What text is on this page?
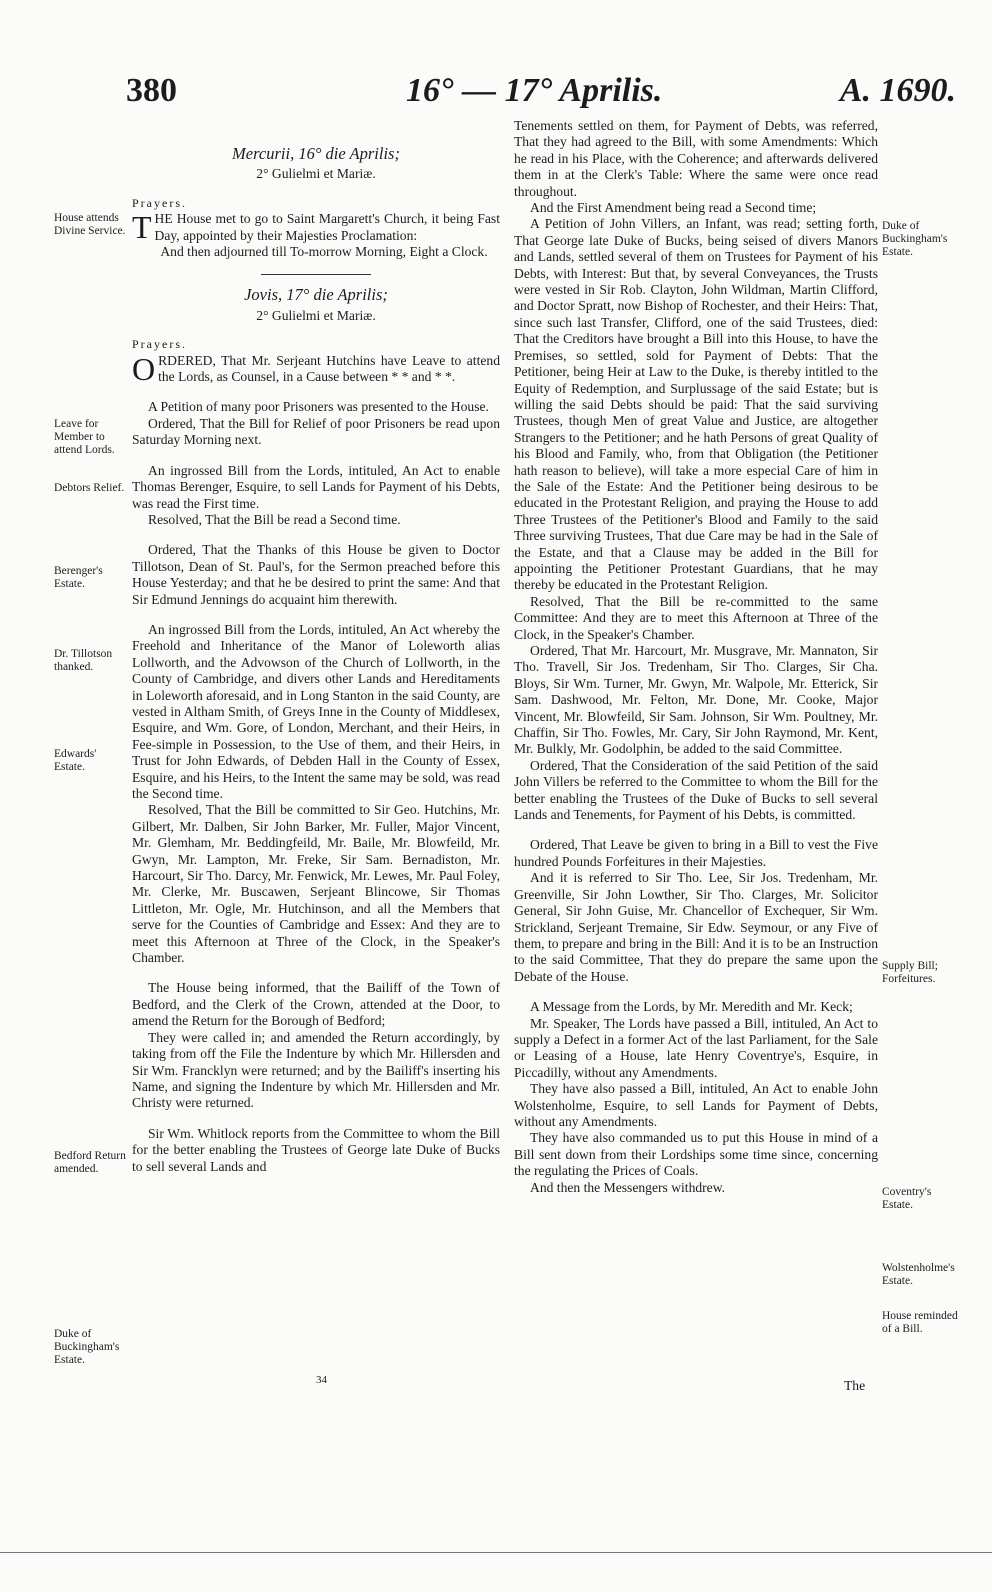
380	16° — 17° Aprilis.	A. 1690.
House attends Divine Service.
Leave for Member to attend Lords.
Debtors Relief.
Berenger's Estate.
Dr. Tillotson thanked.
Edwards' Estate.
Bedford Return amended.
Duke of Buckingham's Estate.
Duke of Buckingham's Estate.
Supply Bill; Forfeitures.
Coventry's Estate.
Wolstenholme's Estate.
House reminded of a Bill.
Mercurii, 16° die Aprilis;
2° Gulielmi et Mariæ.
Prayers.

THE House met to go to Saint Margarett's Church, it being Fast Day, appointed by their Majesties Proclamation:

And then adjourned till To-morrow Morning, Eight a Clock.

Jovis, 17° die Aprilis;
2° Gulielmi et Mariæ.
Prayers.

ORDERED, That Mr. Serjeant Hutchins have Leave to attend the Lords, as Counsel, in a Cause between * * and * *.

A Petition of many poor Prisoners was presented to the House.

Ordered, That the Bill for Relief of poor Prisoners be read upon Saturday Morning next.

An ingrossed Bill from the Lords, intituled, An Act to enable Thomas Berenger, Esquire, to sell Lands for Payment of his Debts, was read the First time.

Resolved, That the Bill be read a Second time.

Ordered, That the Thanks of this House be given to Doctor Tillotson, Dean of St. Paul's, for the Sermon preached before this House Yesterday; and that he be desired to print the same: And that Sir Edmund Jennings do acquaint him therewith.

An ingrossed Bill from the Lords, intituled, An Act whereby the Freehold and Inheritance of the Manor of Loleworth alias Lollworth, and the Advowson of the Church of Lollworth, in the County of Cambridge, and divers other Lands and Hereditaments in Loleworth aforesaid, and in Long Stanton in the said County, are vested in Altham Smith, of Greys Inne in the County of Middlesex, Esquire, and Wm. Gore, of London, Merchant, and their Heirs, in Fee-simple in Possession, to the Use of them, and their Heirs, in Trust for John Edwards, of Debden Hall in the County of Essex, Esquire, and his Heirs, to the Intent the same may be sold, was read the Second time.

Resolved, That the Bill be committed to Sir Geo. Hutchins, Mr. Gilbert, Mr. Dalben, Sir John Barker, Mr. Fuller, Major Vincent, Mr. Glemham, Mr. Beddingfeild, Mr. Baile, Mr. Blowfeild, Mr. Gwyn, Mr. Lampton, Mr. Freke, Sir Sam. Bernadiston, Mr. Harcourt, Sir Tho. Darcy, Mr. Fenwick, Mr. Lewes, Mr. Paul Foley, Mr. Clerke, Mr. Buscawen, Serjeant Blincowe, Sir Thomas Littleton, Mr. Ogle, Mr. Hutchinson, and all the Members that serve for the Counties of Cambridge and Essex: And they are to meet this Afternoon at Three of the Clock, in the Speaker's Chamber.

The House being informed, that the Bailiff of the Town of Bedford, and the Clerk of the Crown, attended at the Door, to amend the Return for the Borough of Bedford;

They were called in; and amended the Return accordingly, by taking from off the File the Indenture by which Mr. Hillersden and Sir Wm. Francklyn were returned; and by the Bailiff's inserting his Name, and signing the Indenture by which Mr. Hillersden and Mr. Christy were returned.

Sir Wm. Whitlock reports from the Committee to whom the Bill for the better enabling the Trustees of George late Duke of Bucks to sell several Lands and

34

Tenements settled on them, for Payment of Debts, was referred, That they had agreed to the Bill, with some Amendments: Which he read in his Place, with the Coherence; and afterwards delivered them in at the Clerk's Table: Where the same were once read throughout.

And the First Amendment being read a Second time;

A Petition of John Villers, an Infant, was read; setting forth, That George late Duke of Bucks, being seised of divers Manors and Lands, settled several of them on Trustees for Payment of his Debts, with Interest: But that, by several Conveyances, the Trusts were vested in Sir Rob. Clayton, John Wildman, Martin Clifford, and Doctor Spratt, now Bishop of Rochester, and their Heirs: That, since such last Transfer, Clifford, one of the said Trustees, died: That the Creditors have brought a Bill into this House, to have the Premises, so settled, sold for Payment of Debts: That the Petitioner, being Heir at Law to the Duke, is thereby intitled to the Equity of Redemption, and Surplussage of the said Estate; but is willing the said Debts should be paid: That the said surviving Trustees, though Men of great Value and Justice, are altogether Strangers to the Petitioner; and he hath Persons of great Quality of his Blood and Family, who, from that Obligation (the Petitioner hath reason to believe), will take a more especial Care of him in the Sale of the Estate: And the Petitioner being desirous to be educated in the Protestant Religion, and praying the House to add Three Trustees of the Petitioner's Blood and Family to the said Three surviving Trustees, That due Care may be had in the Sale of the Estate, and that a Clause may be added in the Bill for appointing the Petitioner Protestant Guardians, that he may thereby be educated in the Protestant Religion.

Resolved, That the Bill be re-committed to the same Committee: And they are to meet this Afternoon at Three of the Clock, in the Speaker's Chamber.

Ordered, That Mr. Harcourt, Mr. Musgrave, Mr. Mannaton, Sir Tho. Travell, Sir Jos. Tredenham, Sir Tho. Clarges, Sir Cha. Bloys, Sir Wm. Turner, Mr. Gwyn, Mr. Walpole, Mr. Etterick, Sir Sam. Dashwood, Mr. Felton, Mr. Done, Mr. Cooke, Major Vincent, Mr. Blowfeild, Sir Sam. Johnson, Sir Wm. Poultney, Mr. Chaffin, Sir Tho. Fowles, Mr. Cary, Sir John Raymond, Mr. Kent, Mr. Bulkly, Mr. Godolphin, be added to the said Committee.

Ordered, That the Consideration of the said Petition of the said John Villers be referred to the Committee to whom the Bill for the better enabling the Trustees of the Duke of Bucks to sell several Lands and Tenements, for Payment of his Debts, is committed.

Ordered, That Leave be given to bring in a Bill to vest the Five hundred Pounds Forfeitures in their Majesties.

And it is referred to Sir Tho. Lee, Sir Jos. Tredenham, Mr. Greenville, Sir John Lowther, Sir Tho. Clarges, Mr. Solicitor General, Sir John Guise, Mr. Chancellor of Exchequer, Sir Wm. Strickland, Serjeant Tremaine, Sir Edw. Seymour, or any Five of them, to prepare and bring in the Bill: And it is to be an Instruction to the said Committee, That they do prepare the same upon the Debate of the House.

A Message from the Lords, by Mr. Meredith and Mr. Keck;

Mr. Speaker, The Lords have passed a Bill, intituled, An Act to supply a Defect in a former Act of the last Parliament, for the Sale or Leasing of a House, late Henry Coventrye's, Esquire, in Piccadilly, without any Amendments.

They have also passed a Bill, intituled, An Act to enable John Wolstenholme, Esquire, to sell Lands for Payment of Debts, without any Amendments.

They have also commanded us to put this House in mind of a Bill sent down from their Lordships some time since, concerning the regulating the Prices of Coals.

And then the Messengers withdrew.

The
